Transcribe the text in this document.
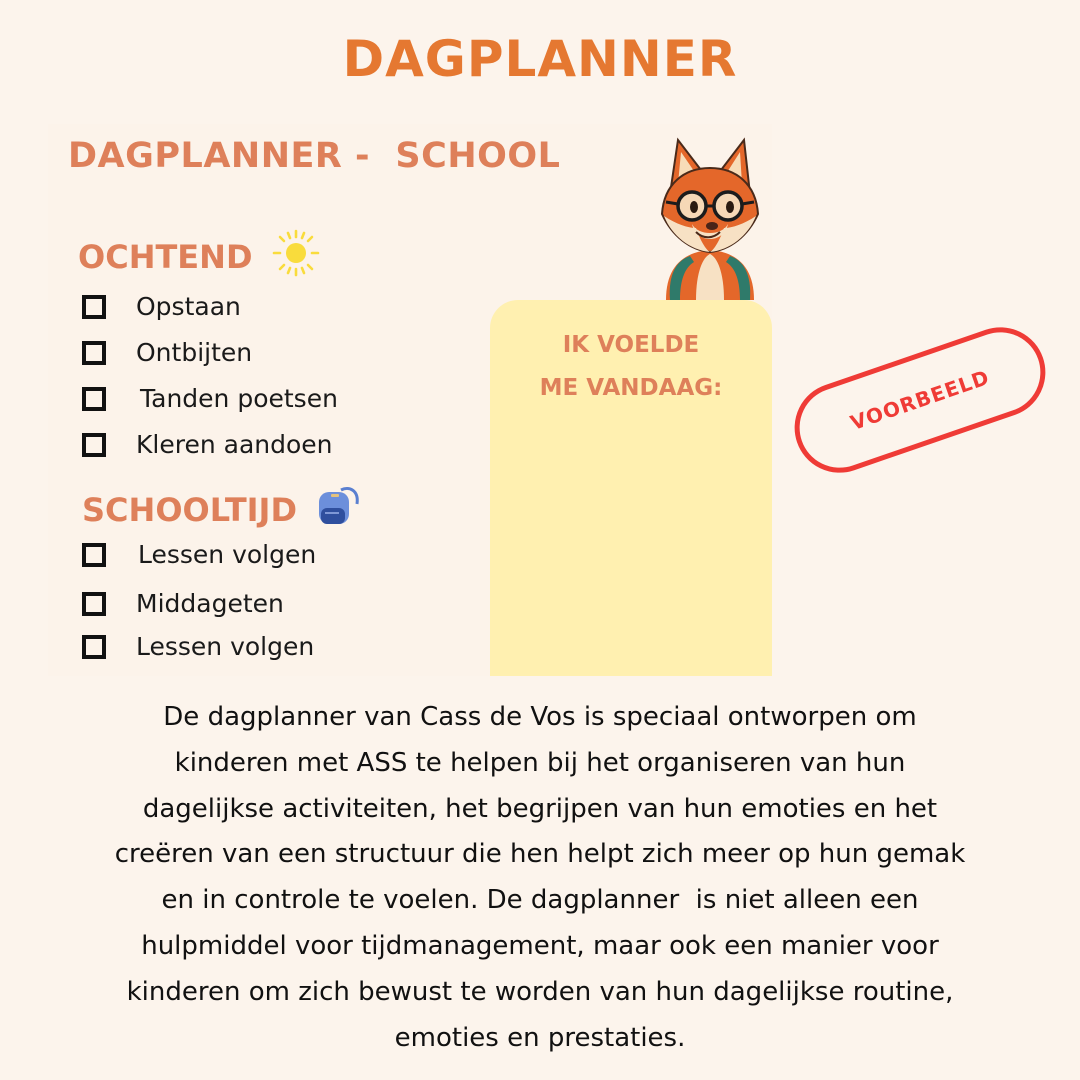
DAGPLANNER
DAGPLANNER -  SCHOOL
OCHTEND
Opstaan
Ontbijten
Tanden poetsen
Kleren aandoen
SCHOOLTIJD
Lessen volgen
Middageten
Lessen volgen
IK VOELDE
ME VANDAAG:	VOORBEELD
De dagplanner van Cass de Vos is speciaal ontworpen om
kinderen met ASS te helpen bij het organiseren van hun
dagelijkse activiteiten, het begrijpen van hun emoties en het
creëren van een structuur die hen helpt zich meer op hun gemak
en in controle te voelen. De dagplanner  is niet alleen een
hulpmiddel voor tijdmanagement, maar ook een manier voor
kinderen om zich bewust te worden van hun dagelijkse routine,
emoties en prestaties.
